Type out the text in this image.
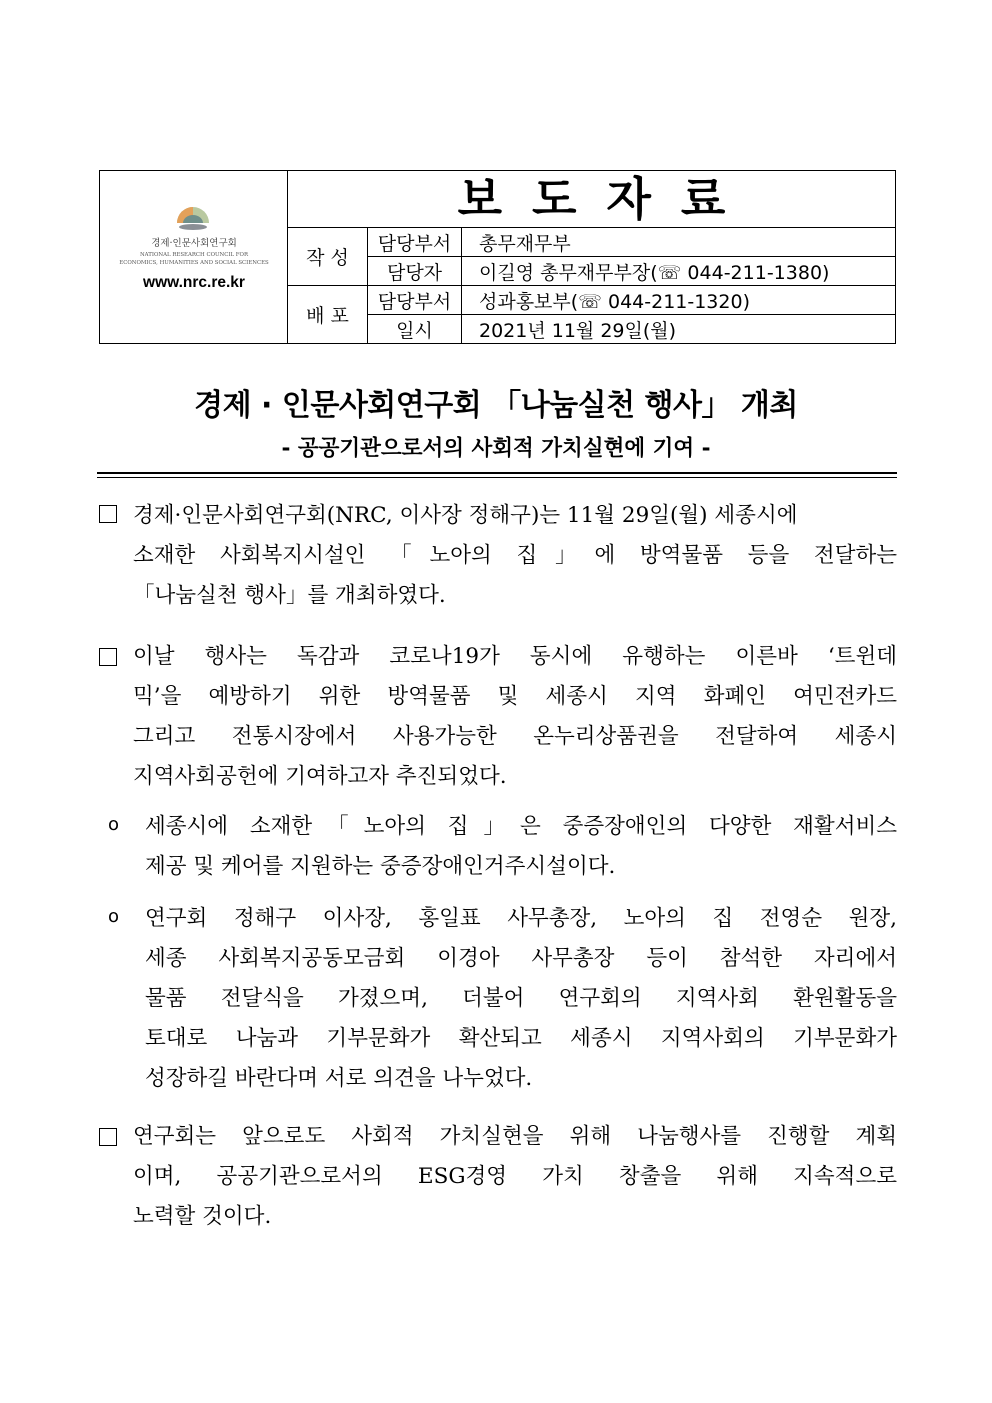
경제·인문사회연구회
NATIONAL RESEARCH COUNCIL FOR
ECONOMICS, HUMANITIES AND SOCIAL SCIENCES
www.nrc.re.kr
보도자료
작 성
담당부서	총무재무부
담당자	이길영 총무재무부장(☏ 044-211-1380)
배 포
담당부서	성과홍보부(☏ 044-211-1320)
일시	2021년 11월 29일(월)
경제 · 인문사회연구회 「나눔실천 행사」 개최
- 공공기관으로서의 사회적 가치실현에 기여 -
경제·인문사회연구회(NRC, 이사장 정해구)는 11월 29일(월) 세종시에
소재한 사회복지시설인 「노아의 집」에 방역물품 등을 전달하는
「나눔실천 행사」를 개최하였다.
이날 행사는 독감과 코로나19가 동시에 유행하는 이른바 ‘트윈데
믹’을 예방하기 위한 방역물품 및 세종시 지역 화폐인 여민전카드
그리고 전통시장에서 사용가능한 온누리상품권을 전달하여 세종시
지역사회공헌에 기여하고자 추진되었다.
o 세종시에 소재한「노아의 집」은 중증장애인의 다양한 재활서비스
제공 및 케어를 지원하는 중증장애인거주시설이다.
o 연구회 정해구 이사장, 홍일표 사무총장, 노아의 집 전영순 원장,
세종 사회복지공동모금회 이경아 사무총장 등이 참석한 자리에서
물품 전달식을 가졌으며, 더불어 연구회의 지역사회 환원활동을
토대로 나눔과 기부문화가 확산되고 세종시 지역사회의 기부문화가
성장하길 바란다며 서로 의견을 나누었다.
연구회는 앞으로도 사회적 가치실현을 위해 나눔행사를 진행할 계획
이며, 공공기관으로서의 ESG경영 가치 창출을 위해 지속적으로
노력할 것이다.
